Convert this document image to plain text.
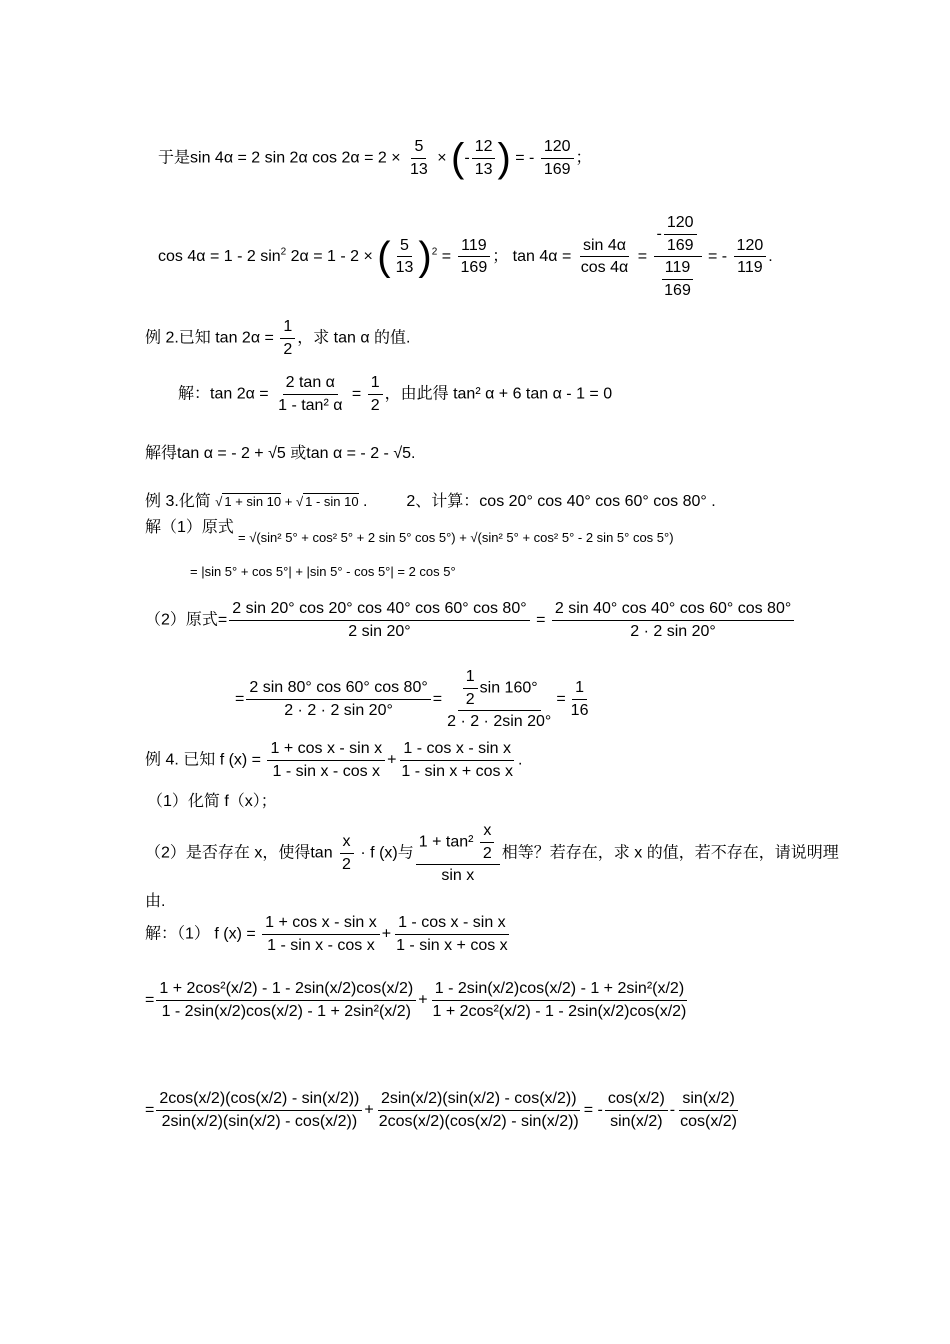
于是sin 4α = 2 sin 2α $\cos 2\alpha = 2 \times \frac{5}{13}$ × (- $\frac{12}{13}$ ) = - $\frac{120}{169}$ ；
cos 4α = 1 - 2 $\sin^2 2\alpha = 1 - 2$ × ( $\frac{5}{13} )^2 = \frac{119}{169}$ ； $\tan 4\alpha = \frac{\sin 4\alpha}{\cos 4\alpha} = \frac{- \frac{120}{169}}{\frac{119}{169}}$ = - $\frac{120}{119}$ .
例 2.已知 $\tan 2\alpha = \frac{1}{2}$ ，求 tan α 的值.
解：$\tan 2\alpha = \frac{\text{2 tan α}}{\text{1 - tan² α}} = \frac{1}{2}$ ，由此得 tan² α + 6 tan α - 1 = 0
解得tan α = - 2 + √5 或tan α = - 2 - √5.
例 3.化简 √ 1 + sin 10 + √ 1 - sin 10 . 2、计算：cos 20° cos 40° cos 60° cos 80° .
解（1）原式
= √(sin² 5° + cos² 5° + 2 sin 5° cos 5°) + √(sin² 5° + cos² 5° - 2 sin 5° cos 5°)
= |sin 5° + cos 5°| + |sin 5° - cos 5°| = 2 cos 5°
（2）原式= $\frac{2 \sin 20^\circ \cos 20^\circ \cos 40^\circ \cos 60^\circ \cos 80^\circ}{2 \sin 20^\circ} = \frac{2 \sin 40^\circ \cos 40^\circ \cos 60^\circ \cos 80^\circ}{2 \cdot 2 \sin 20^\circ}$
= $\frac{2 \sin 80^\circ \cos 60^\circ \cos 80^\circ}{2 \cdot 2 \cdot 2 \sin 20^\circ} = \frac{\frac{1}{2} \sin 160^\circ}{2 \cdot 2 \cdot 2\sin 20^\circ} = \frac{1}{16}$
例 4. 已知 f $(x) = \frac{\text{1 + cos x - sin x}}{\text{1 - sin x - cos x}} + \frac{\text{1 - cos x - sin x}}{\text{1 - sin x + cos x}}$ .
（1）化简 f（x）；
（2）是否存在 x，使得$\tan \frac{x}{2} \cdot f$ (x)与 $\frac{1 + \tan^2 \frac{x}{2}}{\text{sin x}}$ 相等？若存在，求 x 的值，若不存在，请说明理
由.
解：（1） f $(x) = \frac{\text{1 + cos x - sin x}}{\text{1 - sin x - cos x}} + \frac{\text{1 - cos x - sin x}}{\text{1 - sin x + cos x}}$
= $\frac{\text{1 + 2cos²(x/2) - 1 - 2sin(x/2)cos(x/2)}}{\text{1 - 2sin(x/2)cos(x/2) - 1 + 2sin²(x/2)}} + \frac{\text{1 - 2sin(x/2)cos(x/2) - 1 + 2sin²(x/2)}}{\text{1 + 2cos²(x/2) - 1 - 2sin(x/2)cos(x/2)}}$
= $\frac{2\cos(x/2)(\cos(x/2) - \sin(x/2))}{2\sin(x/2)(\sin(x/2) - \cos(x/2))} + \frac{2\sin(x/2)(\sin(x/2) - \cos(x/2))}{2\cos(x/2)(\cos(x/2) - \sin(x/2))}$ = - $\frac{\cos(x/2)}{\sin(x/2)} - \frac{\sin(x/2)}{\cos(x/2)}$
